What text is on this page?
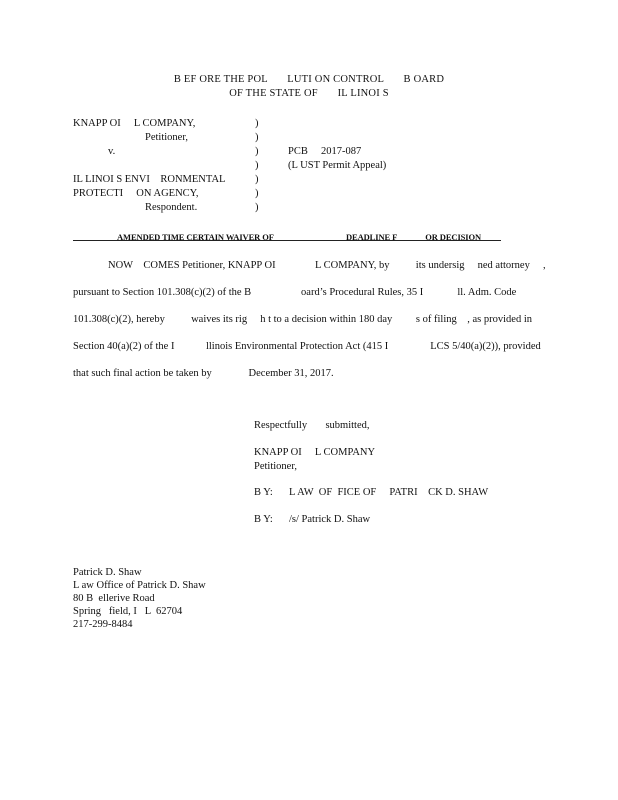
B EF ORE THE POL       LUTI ON CONTROL       B OARD
OF THE STATE OF       IL LINOI S
KNAPP OI     L COMPANY,
Petitioner,
v.
IL LINOI S ENVI    RONMENTAL
PROTECTI     ON AGENCY,
Respondent.
)
)
)
)
)
)
)
PCB     2017-087
(L UST Permit Appeal)
AMENDED TIME CERTAIN WAIVER OF	DEADLINE F              OR DECISION
NOW    COMES Petitioner, KNAPP OI               L COMPANY, by          its undersig     ned attorney     ,
pursuant to Section 101.308(c)(2) of the B                   oard’s Procedural Rules, 35 I             ll. Adm. Code
101.308(c)(2), hereby          waives its rig     h t to a decision within 180 day         s of filing    , as provided in
Section 40(a)(2) of the I            llinois Environmental Protection Act (415 I                LCS 5/40(a)(2)), provided
that such final action be taken by              December 31, 2017.
Respectfully       submitted,
KNAPP OI     L COMPANY
Petitioner,
B Y: L AW  OF  FICE OF     PATRI    CK D. SHAW
B Y: /s/ Patrick D. Shaw
Patrick D. Shaw
L aw Office of Patrick D. Shaw
80 B  ellerive Road
Spring   field, I   L  62704
217-299-8484
